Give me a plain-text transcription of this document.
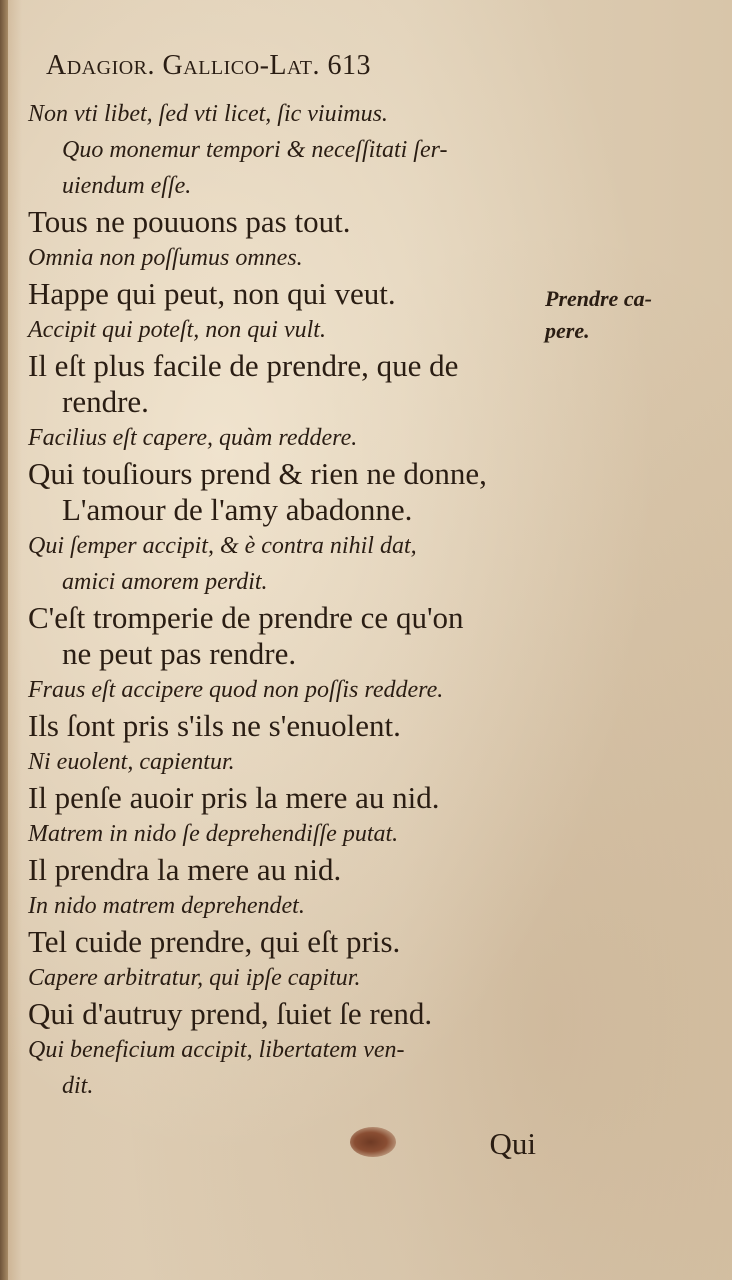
Adagior. Gallico-Lat. 613
Non vti libet, ſed vti licet, ſic viuimus.
Quo monemur tempori & neceſſitati ſer-
uiendum eſſe.
Tous ne pouuons pas tout.
Omnia non poſſumus omnes.
Happe qui peut, non qui veut.
Accipit qui poteſt, non qui vult.
Il eſt plus facile de prendre, que de
rendre.
Facilius eſt capere, quàm reddere.
Qui touſiours prend & rien ne donne,
L'amour de l'amy abadonne.
Qui ſemper accipit, & è contra nihil dat,
amici amorem perdit.
C'eſt tromperie de prendre ce qu'on
ne peut pas rendre.
Fraus eſt accipere quod non poſſis reddere.
Ils ſont pris s'ils ne s'enuolent.
Ni euolent, capientur.
Il penſe auoir pris la mere au nid.
Matrem in nido ſe deprehendiſſe putat.
Il prendra la mere au nid.
In nido matrem deprehendet.
Tel cuide prendre, qui eſt pris.
Capere arbitratur, qui ipſe capitur.
Qui d'autruy prend, ſuiet ſe rend.
Qui beneficium accipit, libertatem ven-
dit.
Qui
Prendre ca-
pere.
